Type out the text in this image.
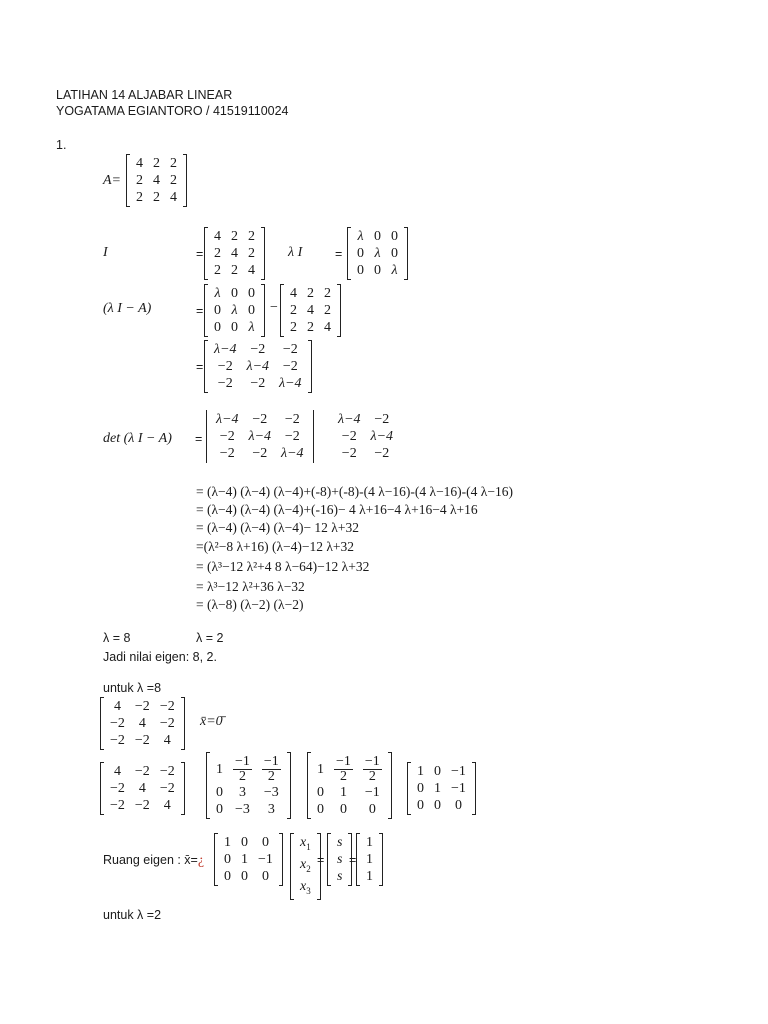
LATIHAN 14 ALJABAR LINEAR
YOGATAMA EGIANTORO / 41519110024
1.
A=
4	2	2
2	4	2
2	2	4
I	=
4	2	2
2	4	2
2	2	4
λ I	=
λ	0	0
0	λ	0
0	0	λ
(λ I − A)	=
λ	0	0
0	λ	0
0	0	λ
−
4	2	2
2	4	2
2	2	4
=
λ−4	−2	−2
−2	λ−4	−2
−2	−2	λ−4
det (λ I − A) =
λ−4	−2	−2
−2	λ−4	−2
−2	−2	λ−4
λ−4	−2
−2	λ−4
−2	−2
= (λ−4) (λ−4) (λ−4)+(-8)+(-8)-(4 λ−16)-(4 λ−16)-(4 λ−16)
= (λ−4) (λ−4) (λ−4)+(-16)− 4 λ+16−4 λ+16−4 λ+16
= (λ−4) (λ−4) (λ−4)− 12 λ+32
=(λ²−8 λ+16) (λ−4)−12 λ+32
= (λ³−12 λ²+4 8 λ−64)−12 λ+32
= λ³−12 λ²+36 λ−32
= (λ−8) (λ−2) (λ−2)
λ = 8	λ = 2
Jadi nilai eigen: 8, 2.
untuk λ =8
4	−2	−2
−2	4	−2
−2	−2	4
x̄=0̄
4	−2	−2
−2	4	−2
−2	−2	4
1	$\frac{-1}{2}$	$\frac{-1}{2}$

0	3	−3
0	−3	3
1	$\frac{-1}{2}$	$\frac{-1}{2}$

0	1	−1
0	0	0
1	0	−1
0	1	−1
0	0	0
Ruang eigen : x̄=¿
1	0	0
0	1	−1
0	0	0
$x_1$
$x_2$
$x_3$
=
s
s
s
=
1
1
1
untuk λ =2
